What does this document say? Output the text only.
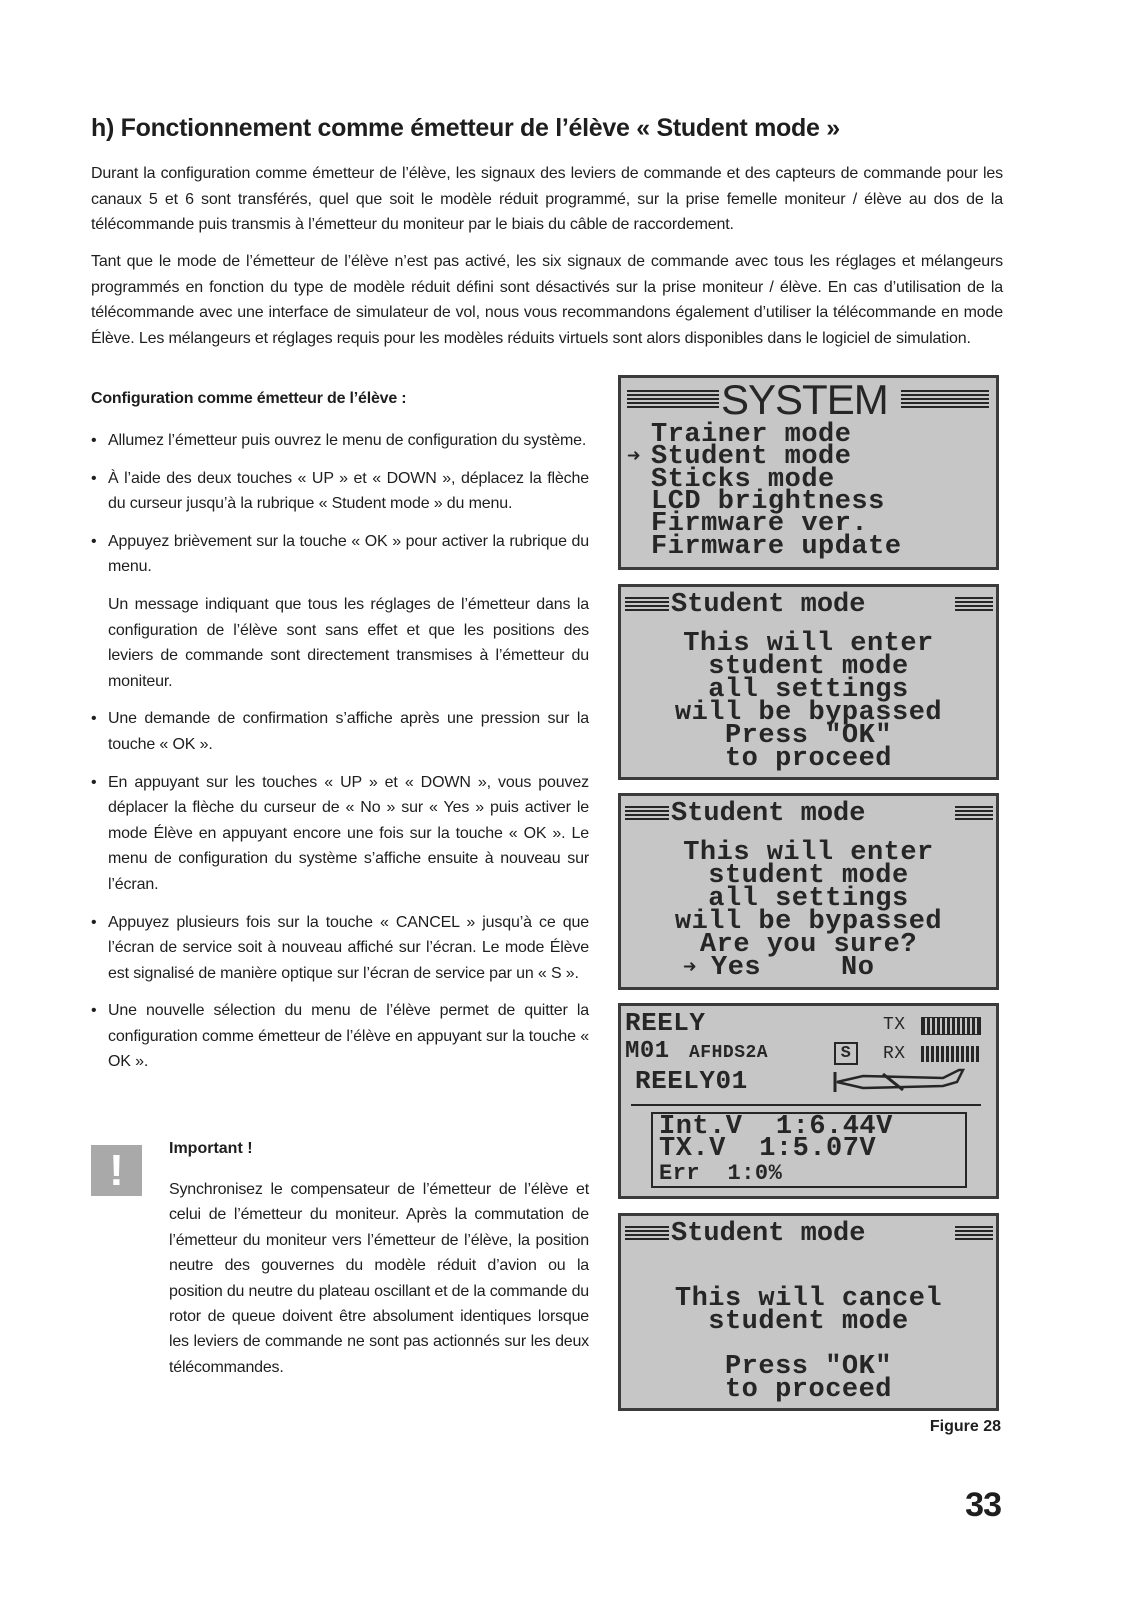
h) Fonctionnement comme émetteur de l’élève « Student mode »

Durant la configuration comme émetteur de l’élève, les signaux des leviers de commande et des capteurs de commande pour les canaux 5 et 6 sont transférés, quel que soit le modèle réduit programmé, sur la prise femelle moniteur / élève au dos de la télécommande puis transmis à l’émetteur du moniteur par le biais du câble de raccordement.

Tant que le mode de l’émetteur de l’élève n’est pas activé, les six signaux de commande avec tous les réglages et mélangeurs programmés en fonction du type de modèle réduit défini sont désactivés sur la prise moniteur / élève. En cas d’utilisation de la télécommande avec une interface de simulateur de vol, nous vous recommandons également d’utiliser la télécommande en mode Élève. Les mélangeurs et réglages requis pour les modèles réduits virtuels sont alors disponibles dans le logiciel de simulation.

Configuration comme émetteur de l’élève :

• Allumez l’émetteur puis ouvrez le menu de configuration du système.

• À l’aide des deux touches « UP » et « DOWN », déplacez la flèche du curseur jusqu’à la rubrique « Student mode » du menu.

• Appuyez brièvement sur la touche « OK » pour activer la rubrique du menu.

Un message indiquant que tous les réglages de l’émetteur dans la configuration de l’élève sont sans effet et que les positions des leviers de commande sont directement transmises à l’émetteur du moniteur.

• Une demande de confirmation s’affiche après une pression sur la touche « OK ».

• En appuyant sur les touches « UP » et « DOWN », vous pouvez déplacer la flèche du curseur de « No » sur « Yes » puis activer le mode Élève en appuyant encore une fois sur la touche « OK ». Le menu de configuration du système s’affiche ensuite à nouveau sur l’écran.

• Appuyez plusieurs fois sur la touche « CANCEL » jusqu’à ce que l’écran de service soit à nouveau affiché sur l’écran. Le mode Élève est signalisé de manière optique sur l’écran de service par un « S ».

• Une nouvelle sélection du menu de l’élève permet de quitter la configuration comme émetteur de l’élève en appuyant sur la touche « OK ».

!	Important !

Synchronisez le compensateur de l’émetteur de l’élève et celui de l’émetteur du moniteur. Après la commutation de l’émetteur du moniteur vers l’émetteur de l’élève, la position neutre des gouvernes du modèle réduit d’avion ou la position du neutre du plateau oscillant et de la commande du rotor de queue doivent être absolument identiques lorsque les leviers de commande ne sont pas actionnés sur les deux télécommandes.

SYSTEM
Trainer mode
➜ Student mode
Sticks mode
LCD brightness
Firmware ver.
Firmware update
Student mode
This will enter
student mode
all settings
will be bypassed
Press "OK"
to proceed
Student mode
This will enter
student mode
all settings
will be bypassed
Are you sure?
➜ Yes	No
REELY	TX
M01	AFHDS2A	S	RX
REELY01
Int.V  1:6.44V
TX.V  1:5.07V
Err  1:0%
Student mode
This will cancel
student mode
Press "OK"
to proceed

Figure 28

33
